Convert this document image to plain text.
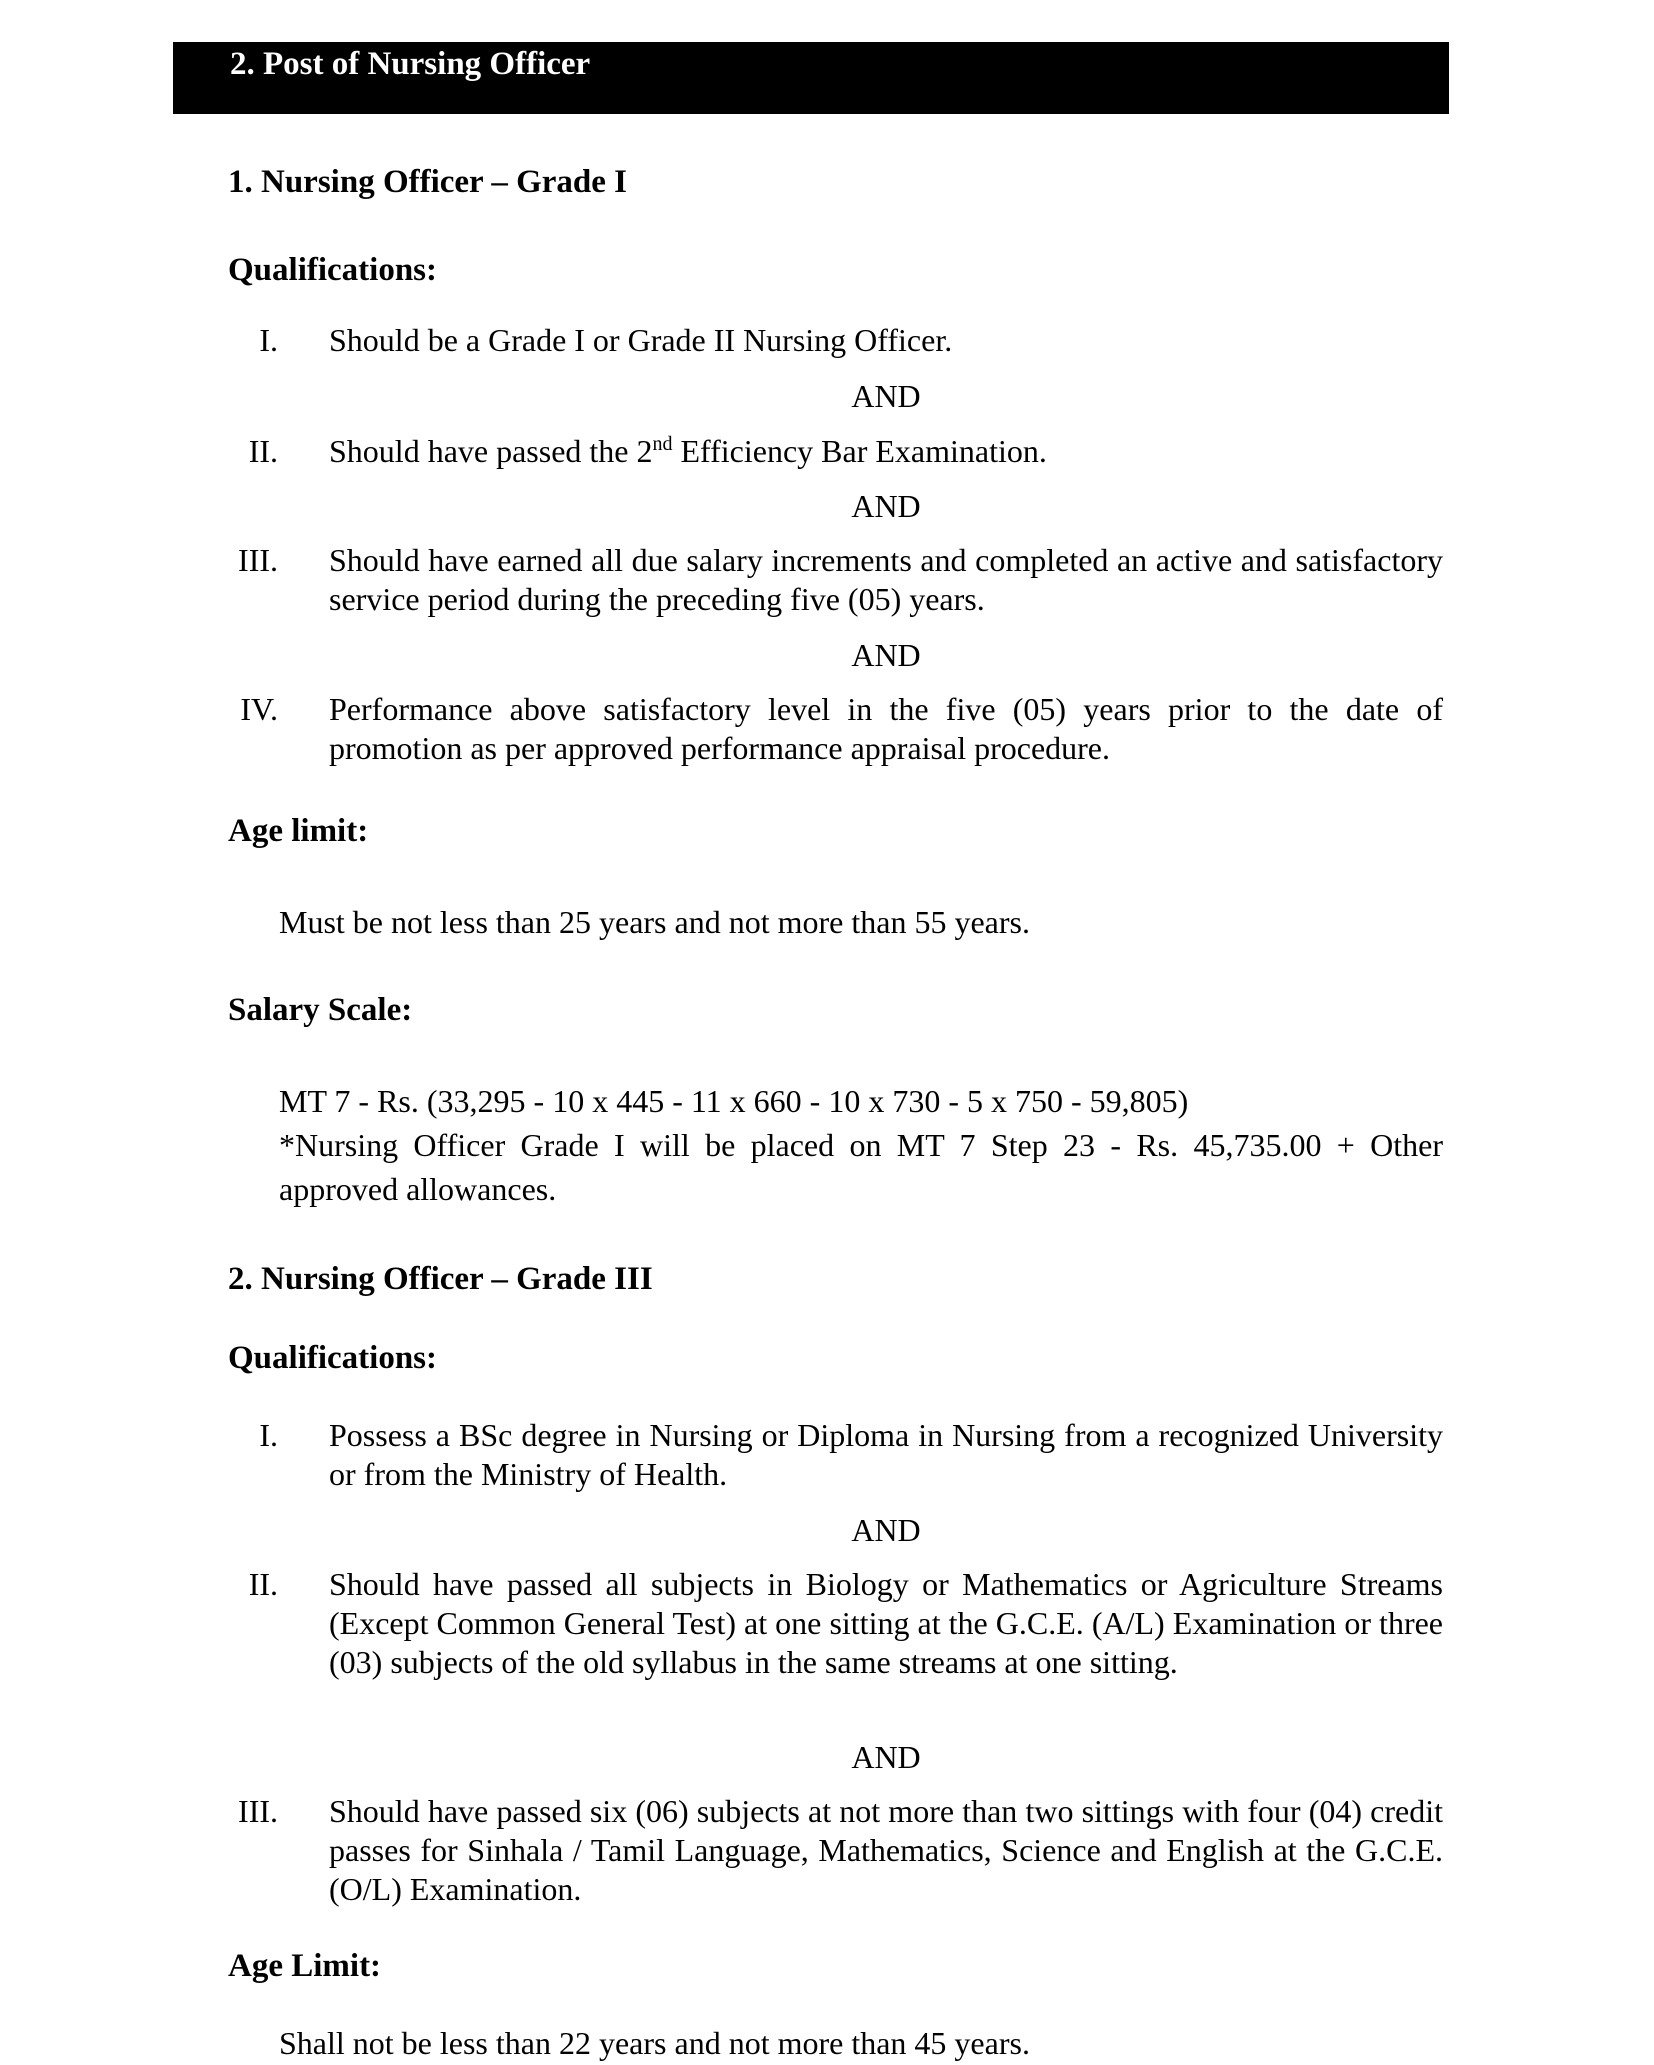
2. Post of Nursing Officer
1. Nursing Officer – Grade I
Qualifications:
I. Should be a Grade I or Grade II Nursing Officer.
AND
II. Should have passed the 2nd Efficiency Bar Examination.
AND
III. Should have earned all due salary increments and completed an active and satisfactory service period during the preceding five (05) years.
AND
IV. Performance above satisfactory level in the five (05) years prior to the date of promotion as per approved performance appraisal procedure.
Age limit:
Must be not less than 25 years and not more than 55 years.
Salary Scale:
MT 7 - Rs. (33,295 - 10 x 445 - 11 x 660 - 10 x 730 - 5 x 750 - 59,805)
*Nursing Officer Grade I will be placed on MT 7 Step 23 - Rs. 45,735.00 + Other approved allowances.
2. Nursing Officer – Grade III
Qualifications:
I. Possess a BSc degree in Nursing or Diploma in Nursing from a recognized University or from the Ministry of Health.
AND
II. Should have passed all subjects in Biology or Mathematics or Agriculture Streams (Except Common General Test) at one sitting at the G.C.E. (A/L) Examination or three (03) subjects of the old syllabus in the same streams at one sitting.
AND
III. Should have passed six (06) subjects at not more than two sittings with four (04) credit passes for Sinhala / Tamil Language, Mathematics, Science and English at the G.C.E. (O/L) Examination.
Age Limit:
Shall not be less than 22 years and not more than 45 years.
